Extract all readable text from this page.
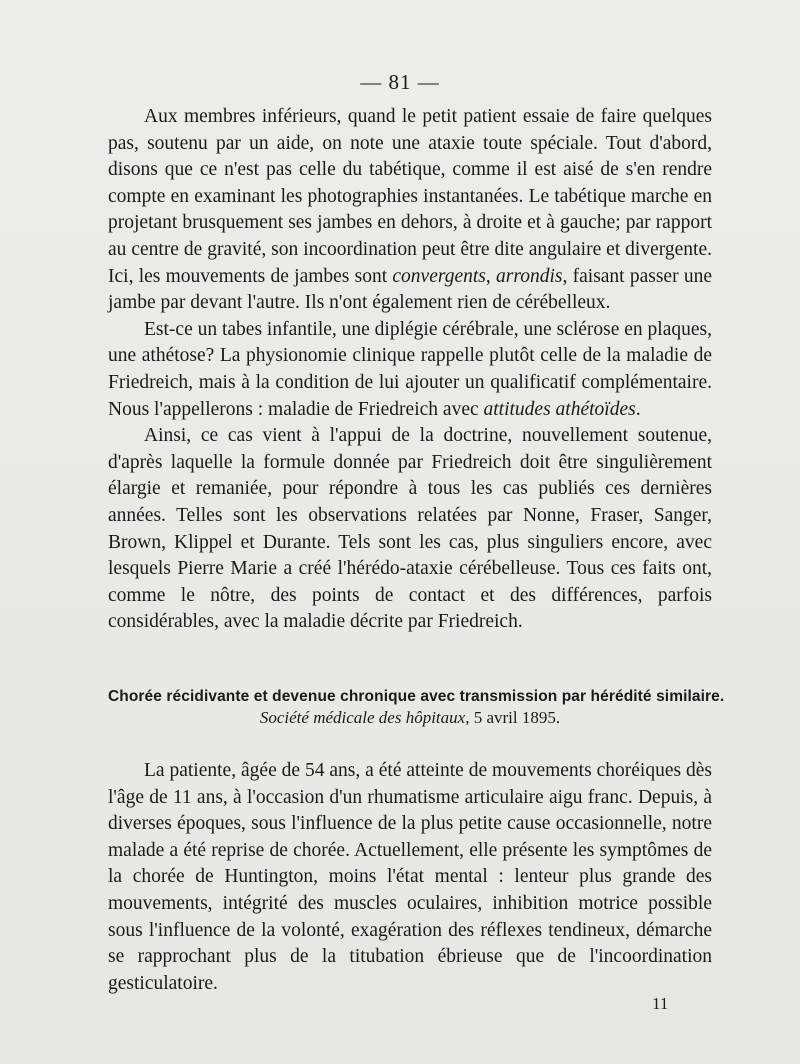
— 81 —

Aux membres inférieurs, quand le petit patient essaie de faire quelques pas, soutenu par un aide, on note une ataxie toute spéciale. Tout d'abord, disons que ce n'est pas celle du tabétique, comme il est aisé de s'en rendre compte en examinant les photographies instantanées. Le tabétique marche en projetant brusquement ses jambes en dehors, à droite et à gauche; par rapport au centre de gravité, son incoordination peut être dite angulaire et divergente. Ici, les mouvements de jambes sont convergents, arrondis, faisant passer une jambe par devant l'autre. Ils n'ont également rien de cérébelleux.

Est-ce un tabes infantile, une diplégie cérébrale, une sclérose en plaques, une athétose? La physionomie clinique rappelle plutôt celle de la maladie de Friedreich, mais à la condition de lui ajouter un qualificatif complémentaire. Nous l'appellerons : maladie de Friedreich avec attitudes athétoïdes.

Ainsi, ce cas vient à l'appui de la doctrine, nouvellement soutenue, d'après laquelle la formule donnée par Friedreich doit être singulièrement élargie et remaniée, pour répondre à tous les cas publiés ces dernières années. Telles sont les observations relatées par Nonne, Fraser, Sanger, Brown, Klippel et Durante. Tels sont les cas, plus singuliers encore, avec lesquels Pierre Marie a créé l'hérédo-ataxie cérébelleuse. Tous ces faits ont, comme le nôtre, des points de contact et des différences, parfois considérables, avec la maladie décrite par Friedreich.

Chorée récidivante et devenue chronique avec transmission par hérédité similaire.
Société médicale des hôpitaux, 5 avril 1895.

La patiente, âgée de 54 ans, a été atteinte de mouvements choréiques dès l'âge de 11 ans, à l'occasion d'un rhumatisme articulaire aigu franc. Depuis, à diverses époques, sous l'influence de la plus petite cause occasionnelle, notre malade a été reprise de chorée. Actuellement, elle présente les symptômes de la chorée de Huntington, moins l'état mental : lenteur plus grande des mouvements, intégrité des muscles oculaires, inhibition motrice possible sous l'influence de la volonté, exagération des réflexes tendineux, démarche se rapprochant plus de la titubation ébrieuse que de l'incoordination gesticulatoire.

11
